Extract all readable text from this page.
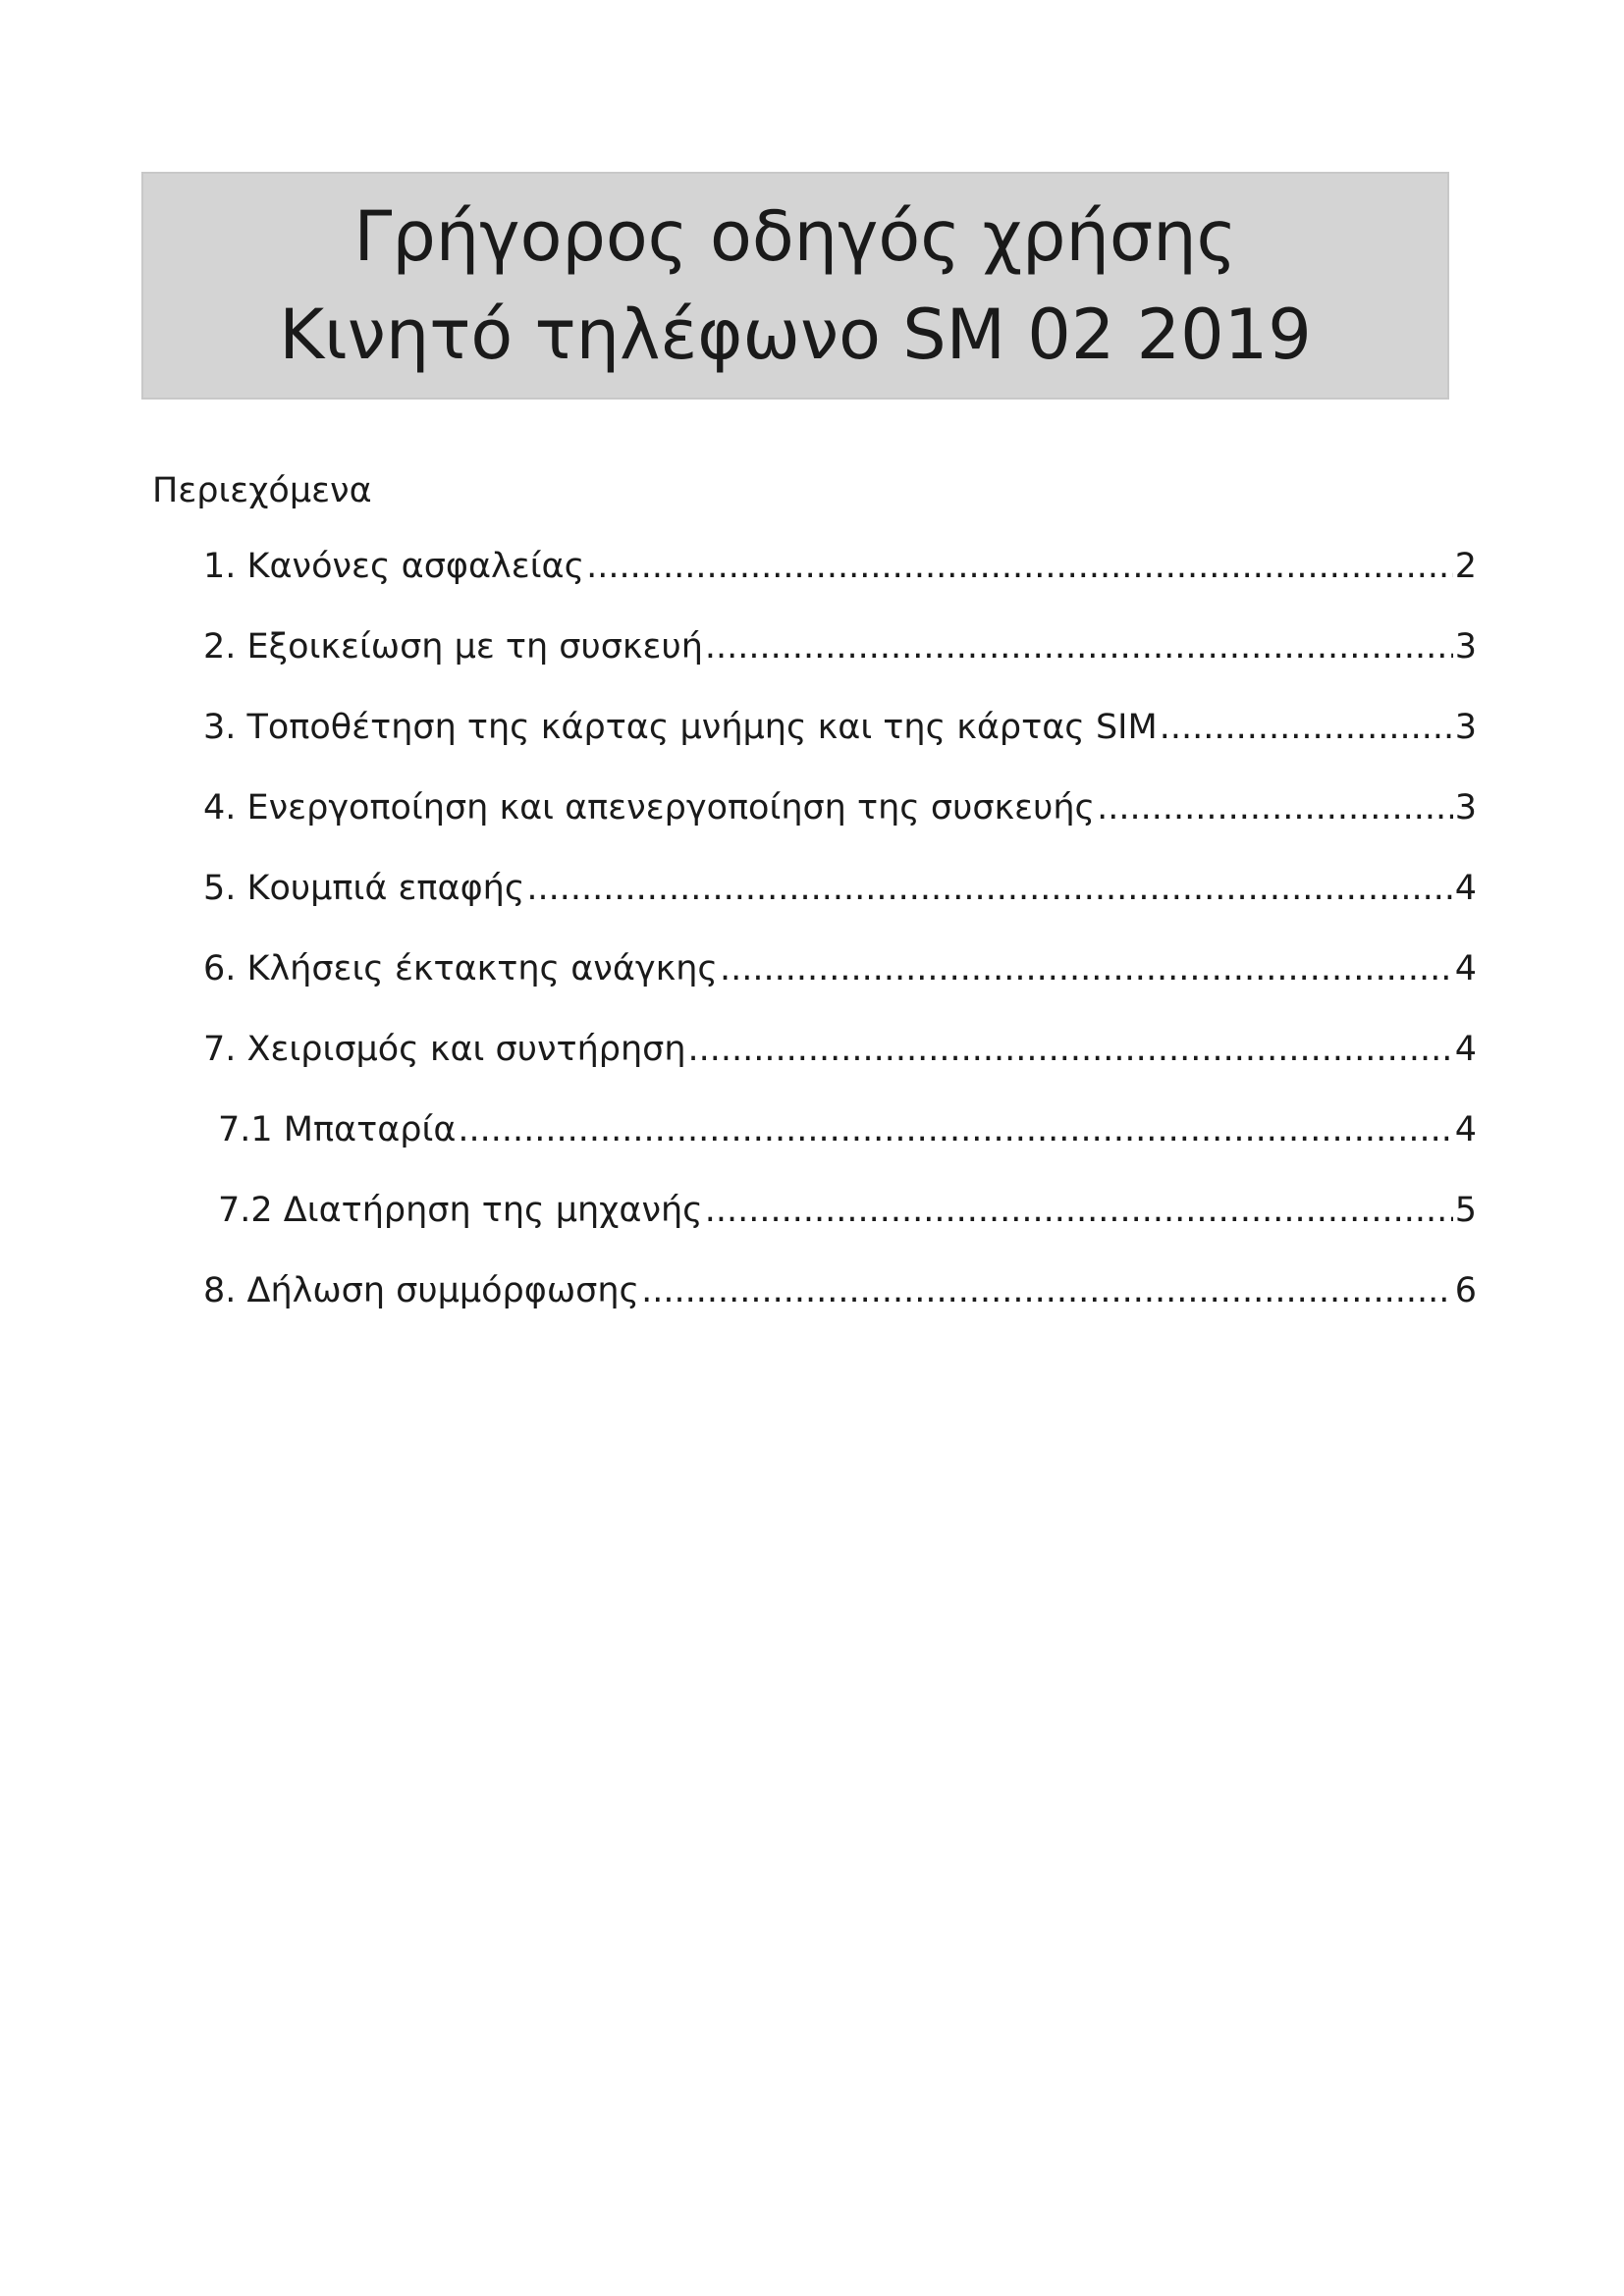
Γρήγορος οδηγός χρήσης
Κινητό τηλέφωνο SM 02 2019
Περιεχόμενα
1. Κανόνες ασφαλείας .....	2
2. Εξοικείωση με τη συσκευή .....	3
3. Τοποθέτηση της κάρτας μνήμης και της κάρτας SIM .....	3
4. Ενεργοποίηση και απενεργοποίηση της συσκευής .....	3
5. Κουμπιά επαφής .....	4
6. Κλήσεις έκτακτης ανάγκης .....	4
7. Χειρισμός και συντήρηση .....	4
7.1 Μπαταρία .....	4
7.2 Διατήρηση της μηχανής .....	5
8. Δήλωση συμμόρφωσης .....	6
